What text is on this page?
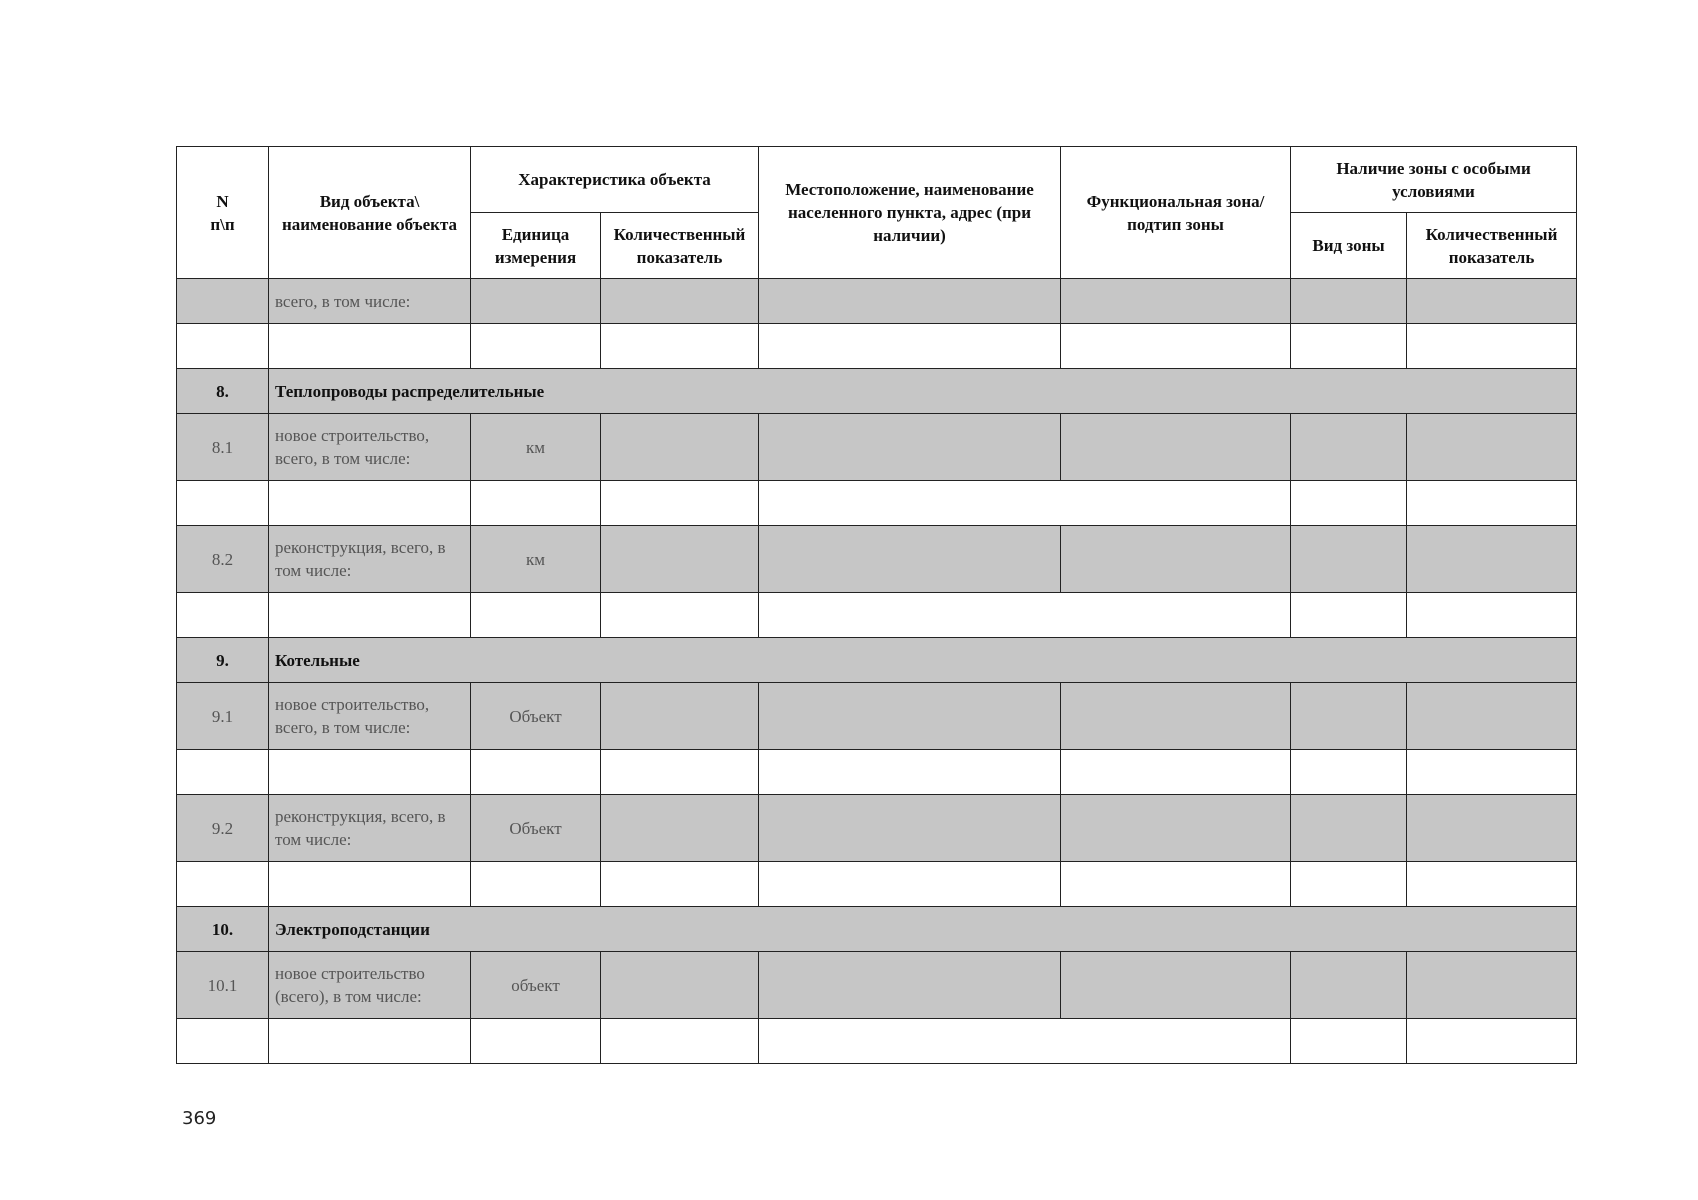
N
п\п	Вид объекта\ наименование объекта	Характеристика объекта		Местоположение, наименование населенного пункта, адрес (при наличии)	Функциональная зона/ подтип зоны	Наличие зоны с особыми условиями	
		Единица измерения	Количественный показатель			Вид зоны	Количественный показатель
	всего, в том числе:						

8.	Теплопроводы распределительные						
8.1	новое строительство, всего, в том числе:	км					

8.2	реконструкция, всего, в том числе:	км					

9.	Котельные						
9.1	новое строительство, всего, в том числе:	Объект					

9.2	реконструкция, всего, в том числе:	Объект					

10.	Электроподстанции						
10.1	новое строительство (всего), в том числе:	объект					

369
